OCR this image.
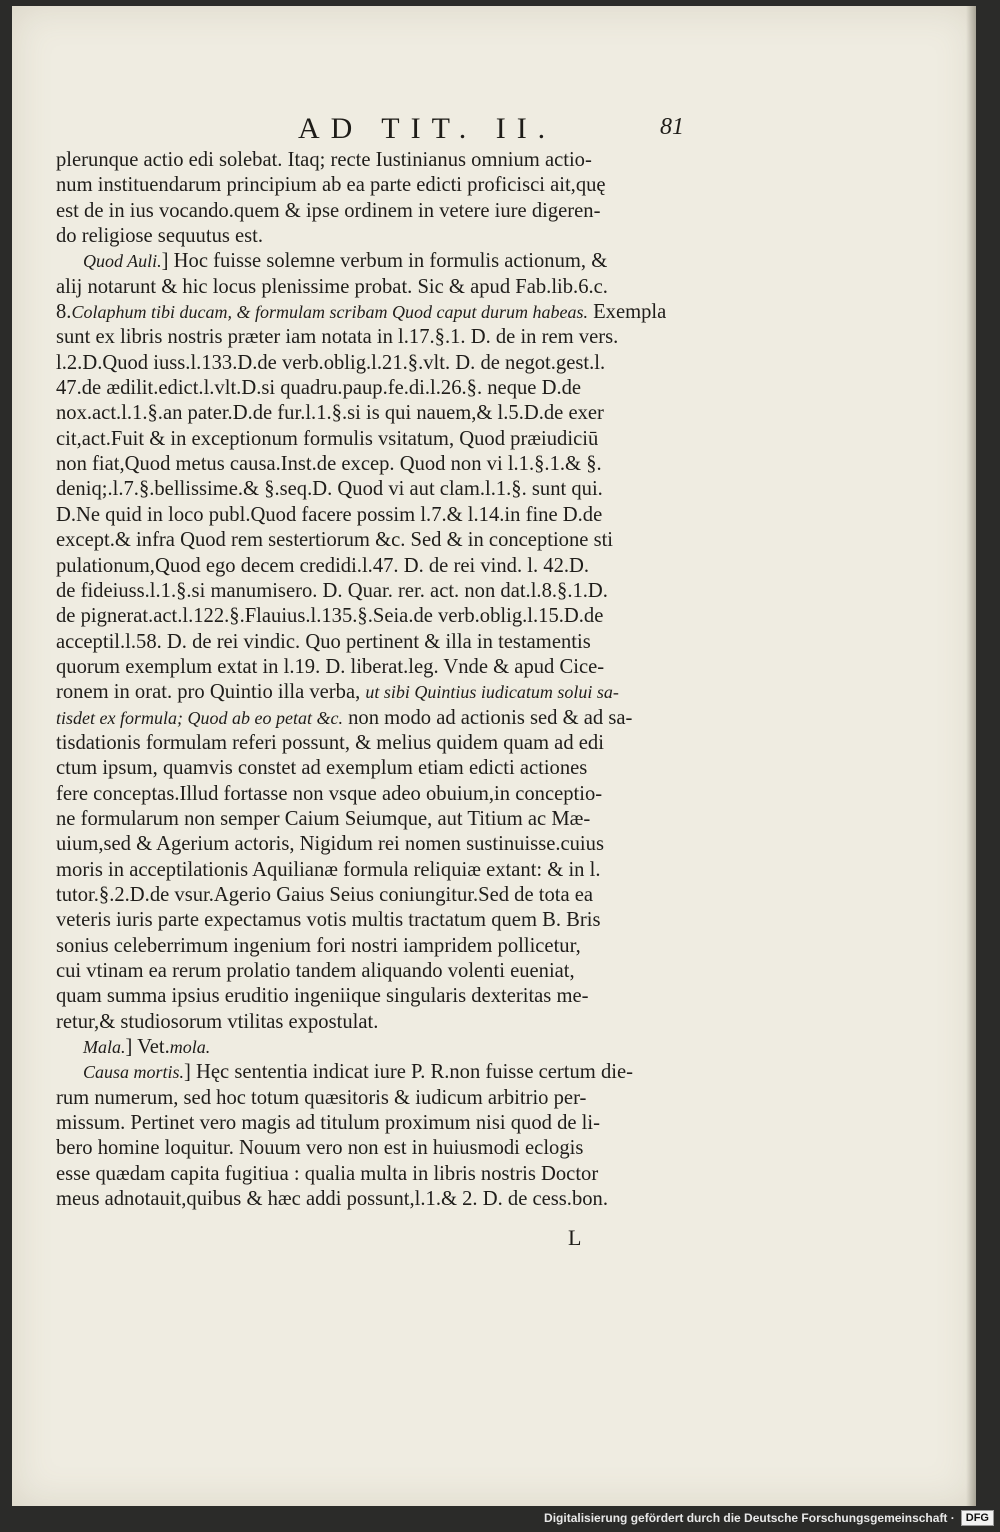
AD TIT. II.	81
plerunque actio edi solebat. Itaq; recte Iustinianus omnium actio-
num instituendarum principium ab ea parte edicti proficisci ait,quę
est de in ius vocando.quem & ipse ordinem in vetere iure digeren-
do religiose sequutus est.
Quod Auli.] Hoc fuisse solemne verbum in formulis actionum, &
alij notarunt & hic locus plenissime probat. Sic & apud Fab.lib.6.c.
8.Colaphum tibi ducam, & formulam scribam Quod caput durum habeas. Exempla
sunt ex libris nostris præter iam notata in l.17.§.1. D. de in rem vers.
l.2.D.Quod iuss.l.133.D.de verb.oblig.l.21.§.vlt. D. de negot.gest.l.
47.de ædilit.edict.l.vlt.D.si quadru.paup.fe.di.l.26.§. neque D.de
nox.act.l.1.§.an pater.D.de fur.l.1.§.si is qui nauem,& l.5.D.de exer
cit,act.Fuit & in exceptionum formulis vsitatum, Quod præiudiciū
non fiat,Quod metus causa.Inst.de excep. Quod non vi l.1.§.1.& §.
deniq;.l.7.§.bellissime.& §.seq.D. Quod vi aut clam.l.1.§. sunt qui.
D.Ne quid in loco publ.Quod facere possim l.7.& l.14.in fine D.de
except.& infra Quod rem sestertiorum &c. Sed & in conceptione sti
pulationum,Quod ego decem credidi.l.47. D. de rei vind. l. 42.D.
de fideiuss.l.1.§.si manumisero. D. Quar. rer. act. non dat.l.8.§.1.D.
de pignerat.act.l.122.§.Flauius.l.135.§.Seia.de verb.oblig.l.15.D.de
acceptil.l.58. D. de rei vindic. Quo pertinent & illa in testamentis
quorum exemplum extat in l.19. D. liberat.leg. Vnde & apud Cice-
ronem in orat. pro Quintio illa verba, ut sibi Quintius iudicatum solui sa-
tisdet ex formula; Quod ab eo petat &c. non modo ad actionis sed & ad sa-
tisdationis formulam referi possunt, & melius quidem quam ad edi
ctum ipsum, quamvis constet ad exemplum etiam edicti actiones
fere conceptas.Illud fortasse non vsque adeo obuium,in conceptio-
ne formularum non semper Caium Seiumque, aut Titium ac Mæ-
uium,sed & Agerium actoris, Nigidum rei nomen sustinuisse.cuius
moris in acceptilationis Aquilianæ formula reliquiæ extant: & in l.
tutor.§.2.D.de vsur.Agerio Gaius Seius coniungitur.Sed de tota ea
veteris iuris parte expectamus votis multis tractatum quem B. Bris
sonius celeberrimum ingenium fori nostri iampridem pollicetur,
cui vtinam ea rerum prolatio tandem aliquando volenti eueniat,
quam summa ipsius eruditio ingeniique singularis dexteritas me-
retur,& studiosorum vtilitas expostulat.
Mala.] Vet.mola.
Causa mortis.] Hęc sententia indicat iure P. R.non fuisse certum die-
rum numerum, sed hoc totum quæsitoris & iudicum arbitrio per-
missum. Pertinet vero magis ad titulum proximum nisi quod de li-
bero homine loquitur. Nouum vero non est in huiusmodi eclogis
esse quædam capita fugitiua : qualia multa in libris nostris Doctor
meus adnotauit,quibus & hæc addi possunt,l.1.& 2. D. de cess.bon.
L
Digitalisierung gefördert durch die Deutsche Forschungsgemeinschaft ·	DFG
